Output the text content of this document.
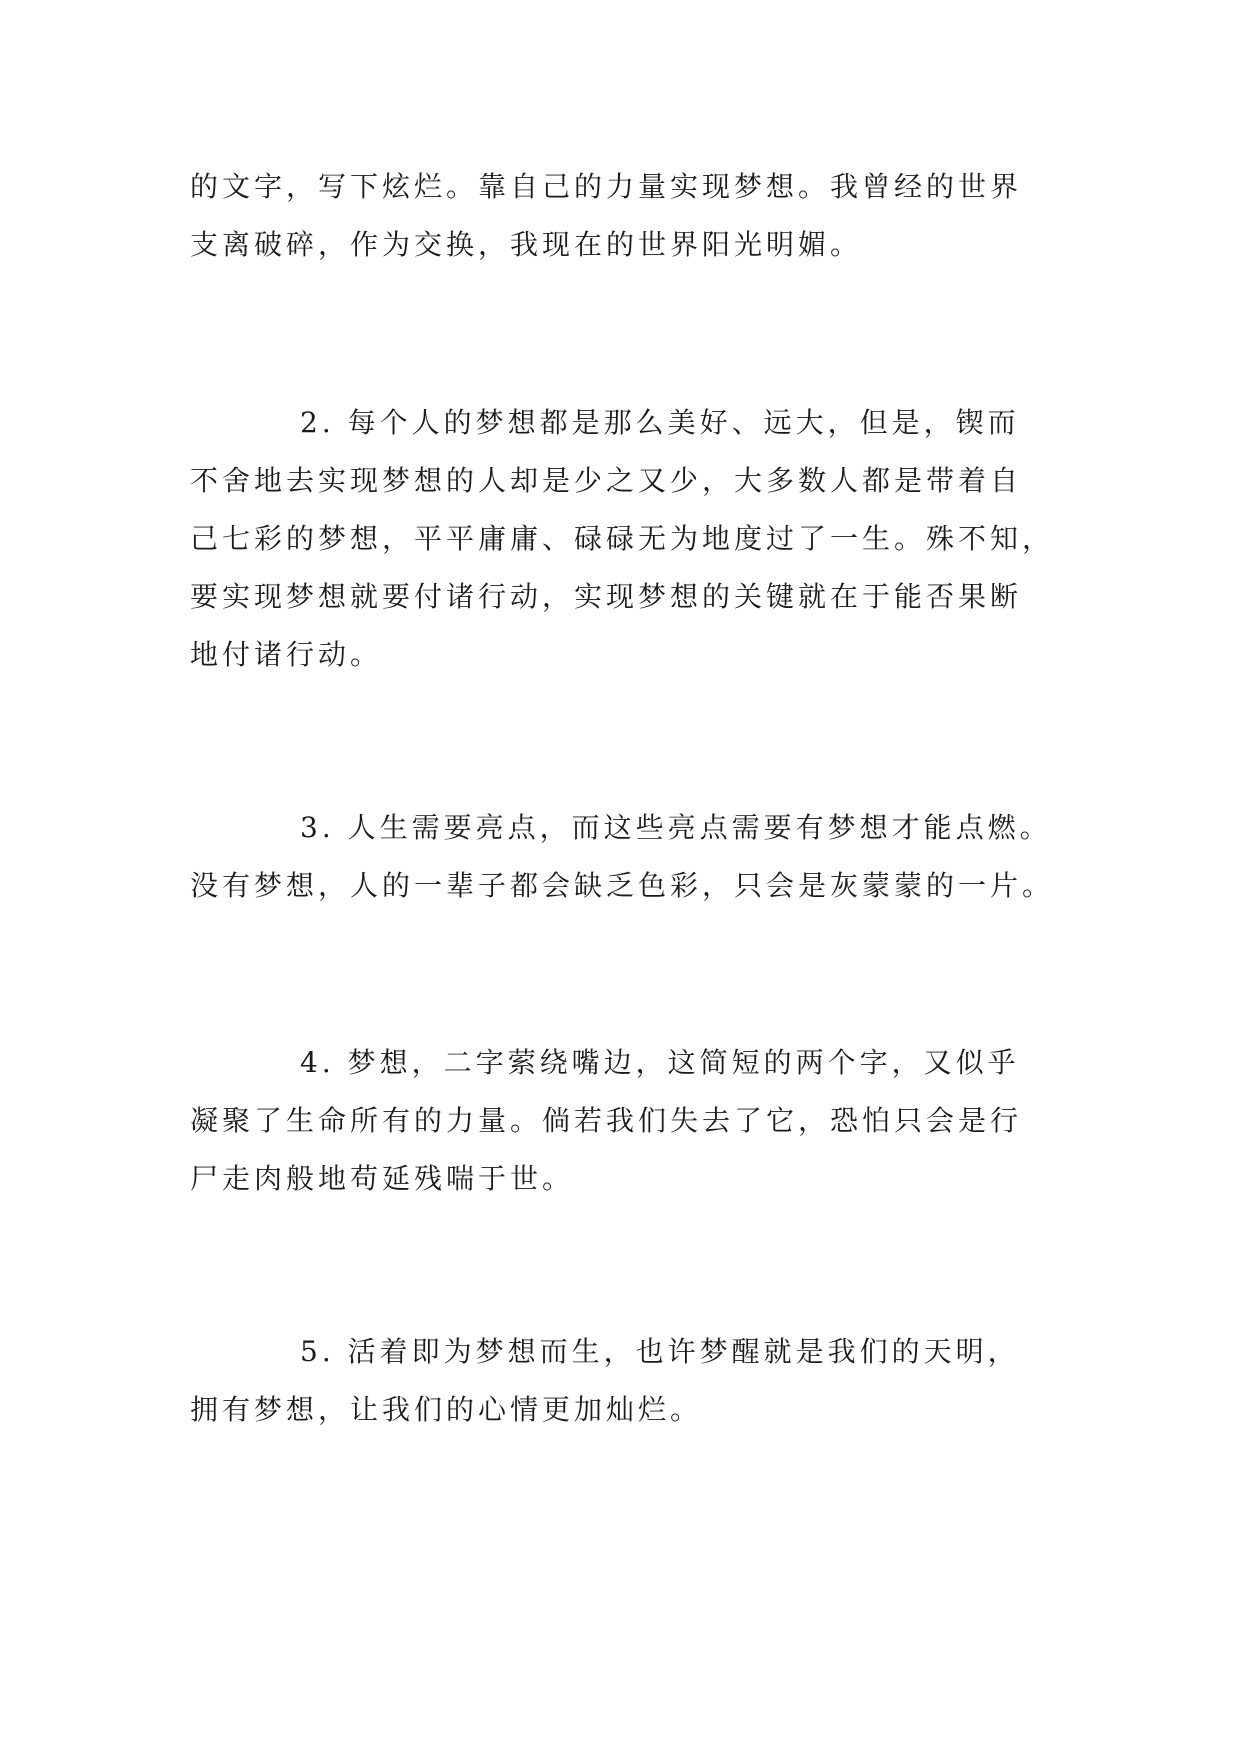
的文字，写下炫烂。靠自己的力量实现梦想。我曾经的世界
支离破碎，作为交换，我现在的世界阳光明媚。

2. 每个人的梦想都是那么美好、远大，但是，锲而
不舍地去实现梦想的人却是少之又少，大多数人都是带着自
己七彩的梦想，平平庸庸、碌碌无为地度过了一生。殊不知，
要实现梦想就要付诸行动，实现梦想的关键就在于能否果断
地付诸行动。

3. 人生需要亮点，而这些亮点需要有梦想才能点燃。
没有梦想，人的一辈子都会缺乏色彩，只会是灰蒙蒙的一片。

4. 梦想，二字萦绕嘴边，这简短的两个字，又似乎
凝聚了生命所有的力量。倘若我们失去了它，恐怕只会是行
尸走肉般地苟延残喘于世。

5. 活着即为梦想而生，也许梦醒就是我们的天明，
拥有梦想，让我们的心情更加灿烂。
